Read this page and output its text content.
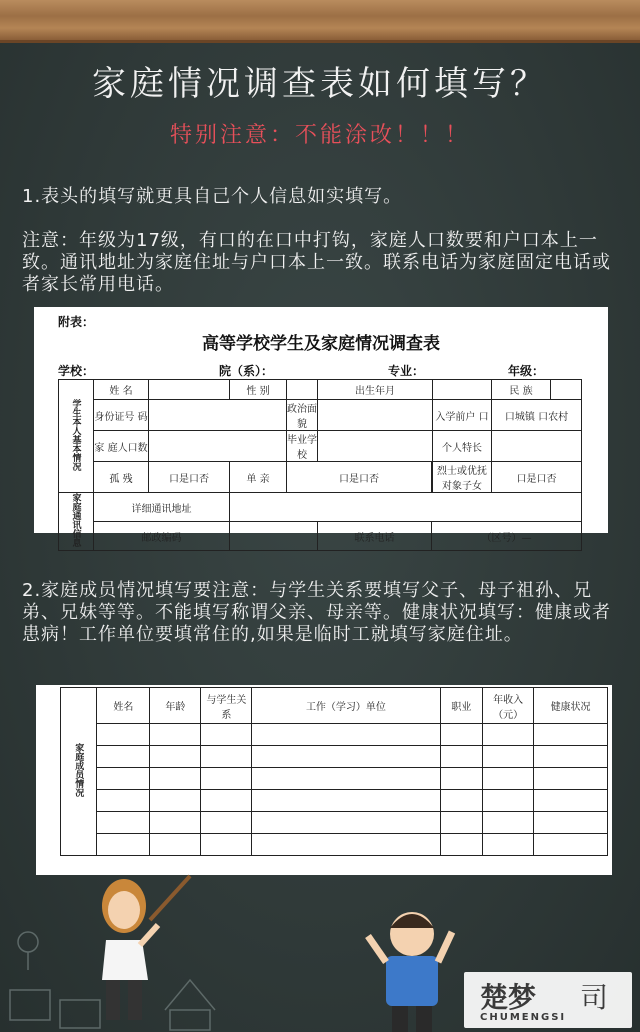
家庭情况调查表如何填写？
特别注意：不能涂改！！！
1.表头的填写就更具自己个人信息如实填写。
注意：年级为17级，有口的在口中打钩，家庭人口数要和户口本上一致。通讯地址为家庭住址与户口本上一致。联系电话为家庭固定电话或者家长常用电话。
附表：
高等学校学生及家庭情况调查表
学校：	院（系）：	专业：	年级：
学生本人基本情况	姓 名		性 别		出生年月		民 族	
	身份证号 码			政治面貌		入学前户 口	口城镇 口农村	
	家 庭人口数			毕业学校		个人特长		
	孤 残	口是口否	单 亲	口是口否		烈士或优抚对象子女	口是口否	
家庭通讯信息	详细通讯地址							
	邮政编码				联系电话	（区号）—		
2.家庭成员情况填写要注意：与学生关系要填写父子、母子祖孙、兄弟、兄妹等等。不能填写称谓父亲、母亲等。健康状况填写：健康或者患病！工作单位要填常住的,如果是临时工就填写家庭住址。
家庭成员情况	姓名	年龄	与学生关系	工作（学习）单位	职业	年收入（元）	健康状况

楚梦 司
CHUMENGSI
